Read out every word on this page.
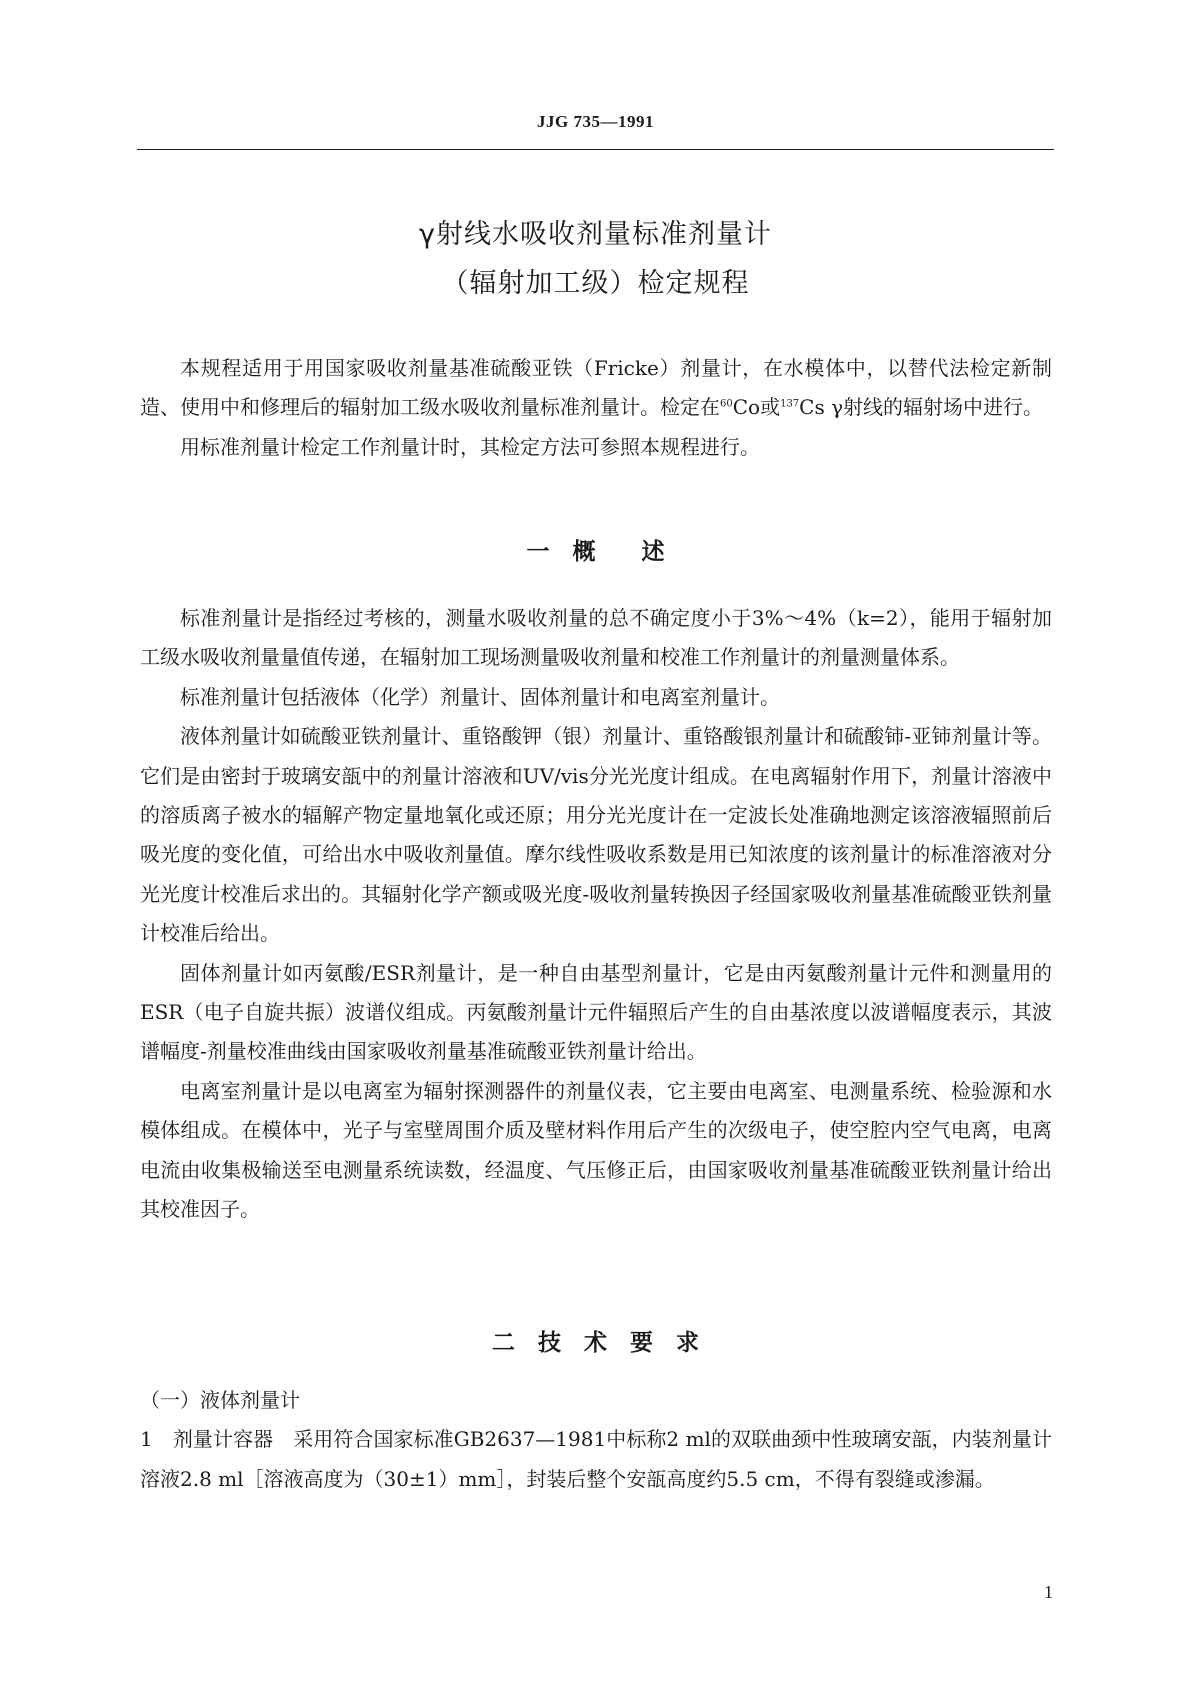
JJG 735—1991
γ射线水吸收剂量标准剂量计
（辐射加工级）检定规程

本规程适用于用国家吸收剂量基准硫酸亚铁（Fricke）剂量计，在水模体中，以替代法检定新制造、使用中和修理后的辐射加工级水吸收剂量标准剂量计。检定在$^{60}$Co或$^{137}$Cs γ射线的辐射场中进行。

用标准剂量计检定工作剂量计时，其检定方法可参照本规程进行。

一　概　　述

标准剂量计是指经过考核的，测量水吸收剂量的总不确定度小于3%～4%（k=2），能用于辐射加工级水吸收剂量量值传递，在辐射加工现场测量吸收剂量和校准工作剂量计的剂量测量体系。

标准剂量计包括液体（化学）剂量计、固体剂量计和电离室剂量计。

液体剂量计如硫酸亚铁剂量计、重铬酸钾（银）剂量计、重铬酸银剂量计和硫酸铈-亚铈剂量计等。它们是由密封于玻璃安瓿中的剂量计溶液和UV/vis分光光度计组成。在电离辐射作用下，剂量计溶液中的溶质离子被水的辐解产物定量地氧化或还原；用分光光度计在一定波长处准确地测定该溶液辐照前后吸光度的变化值，可给出水中吸收剂量值。摩尔线性吸收系数是用已知浓度的该剂量计的标准溶液对分光光度计校准后求出的。其辐射化学产额或吸光度-吸收剂量转换因子经国家吸收剂量基准硫酸亚铁剂量计校准后给出。

固体剂量计如丙氨酸/ESR剂量计，是一种自由基型剂量计，它是由丙氨酸剂量计元件和测量用的ESR（电子自旋共振）波谱仪组成。丙氨酸剂量计元件辐照后产生的自由基浓度以波谱幅度表示，其波谱幅度-剂量校准曲线由国家吸收剂量基准硫酸亚铁剂量计给出。

电离室剂量计是以电离室为辐射探测器件的剂量仪表，它主要由电离室、电测量系统、检验源和水模体组成。在模体中，光子与室壁周围介质及壁材料作用后产生的次级电子，使空腔内空气电离，电离电流由收集极输送至电测量系统读数，经温度、气压修正后，由国家吸收剂量基准硫酸亚铁剂量计给出其校准因子。

二　技　术　要　求

（一）液体剂量计

1　剂量计容器　采用符合国家标准GB2637—1981中标称2 ml的双联曲颈中性玻璃安瓿，内装剂量计溶液2.8 ml［溶液高度为（30±1）mm］，封装后整个安瓿高度约5.5 cm，不得有裂缝或渗漏。

1
